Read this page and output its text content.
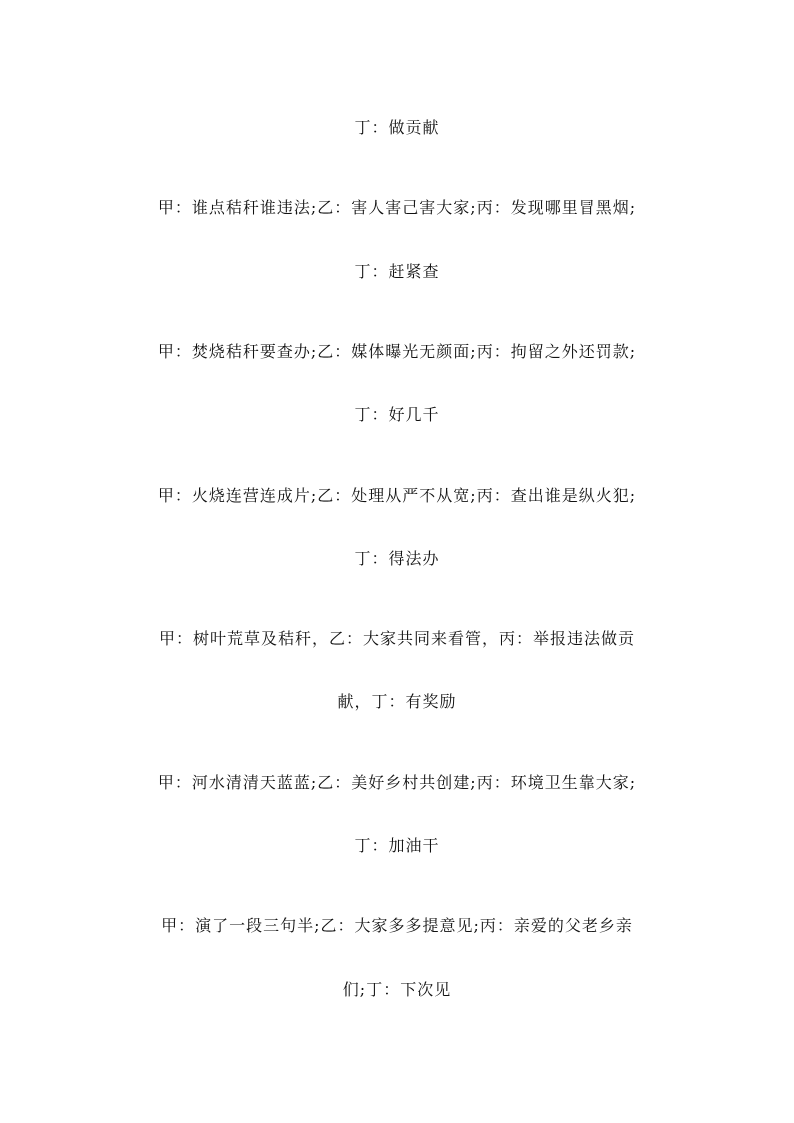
丁：做贡献
甲：谁点秸秆谁违法;乙：害人害己害大家;丙：发现哪里冒黑烟;
丁：赶紧查
甲：焚烧秸秆要查办;乙：媒体曝光无颜面;丙：拘留之外还罚款;
丁：好几千
甲：火烧连营连成片;乙：处理从严不从宽;丙：查出谁是纵火犯;
丁：得法办
甲：树叶荒草及秸秆，乙：大家共同来看管，丙：举报违法做贡
献，丁：有奖励
甲：河水清清天蓝蓝;乙：美好乡村共创建;丙：环境卫生靠大家;
丁：加油干
甲：演了一段三句半;乙：大家多多提意见;丙：亲爱的父老乡亲
们;丁：下次见
